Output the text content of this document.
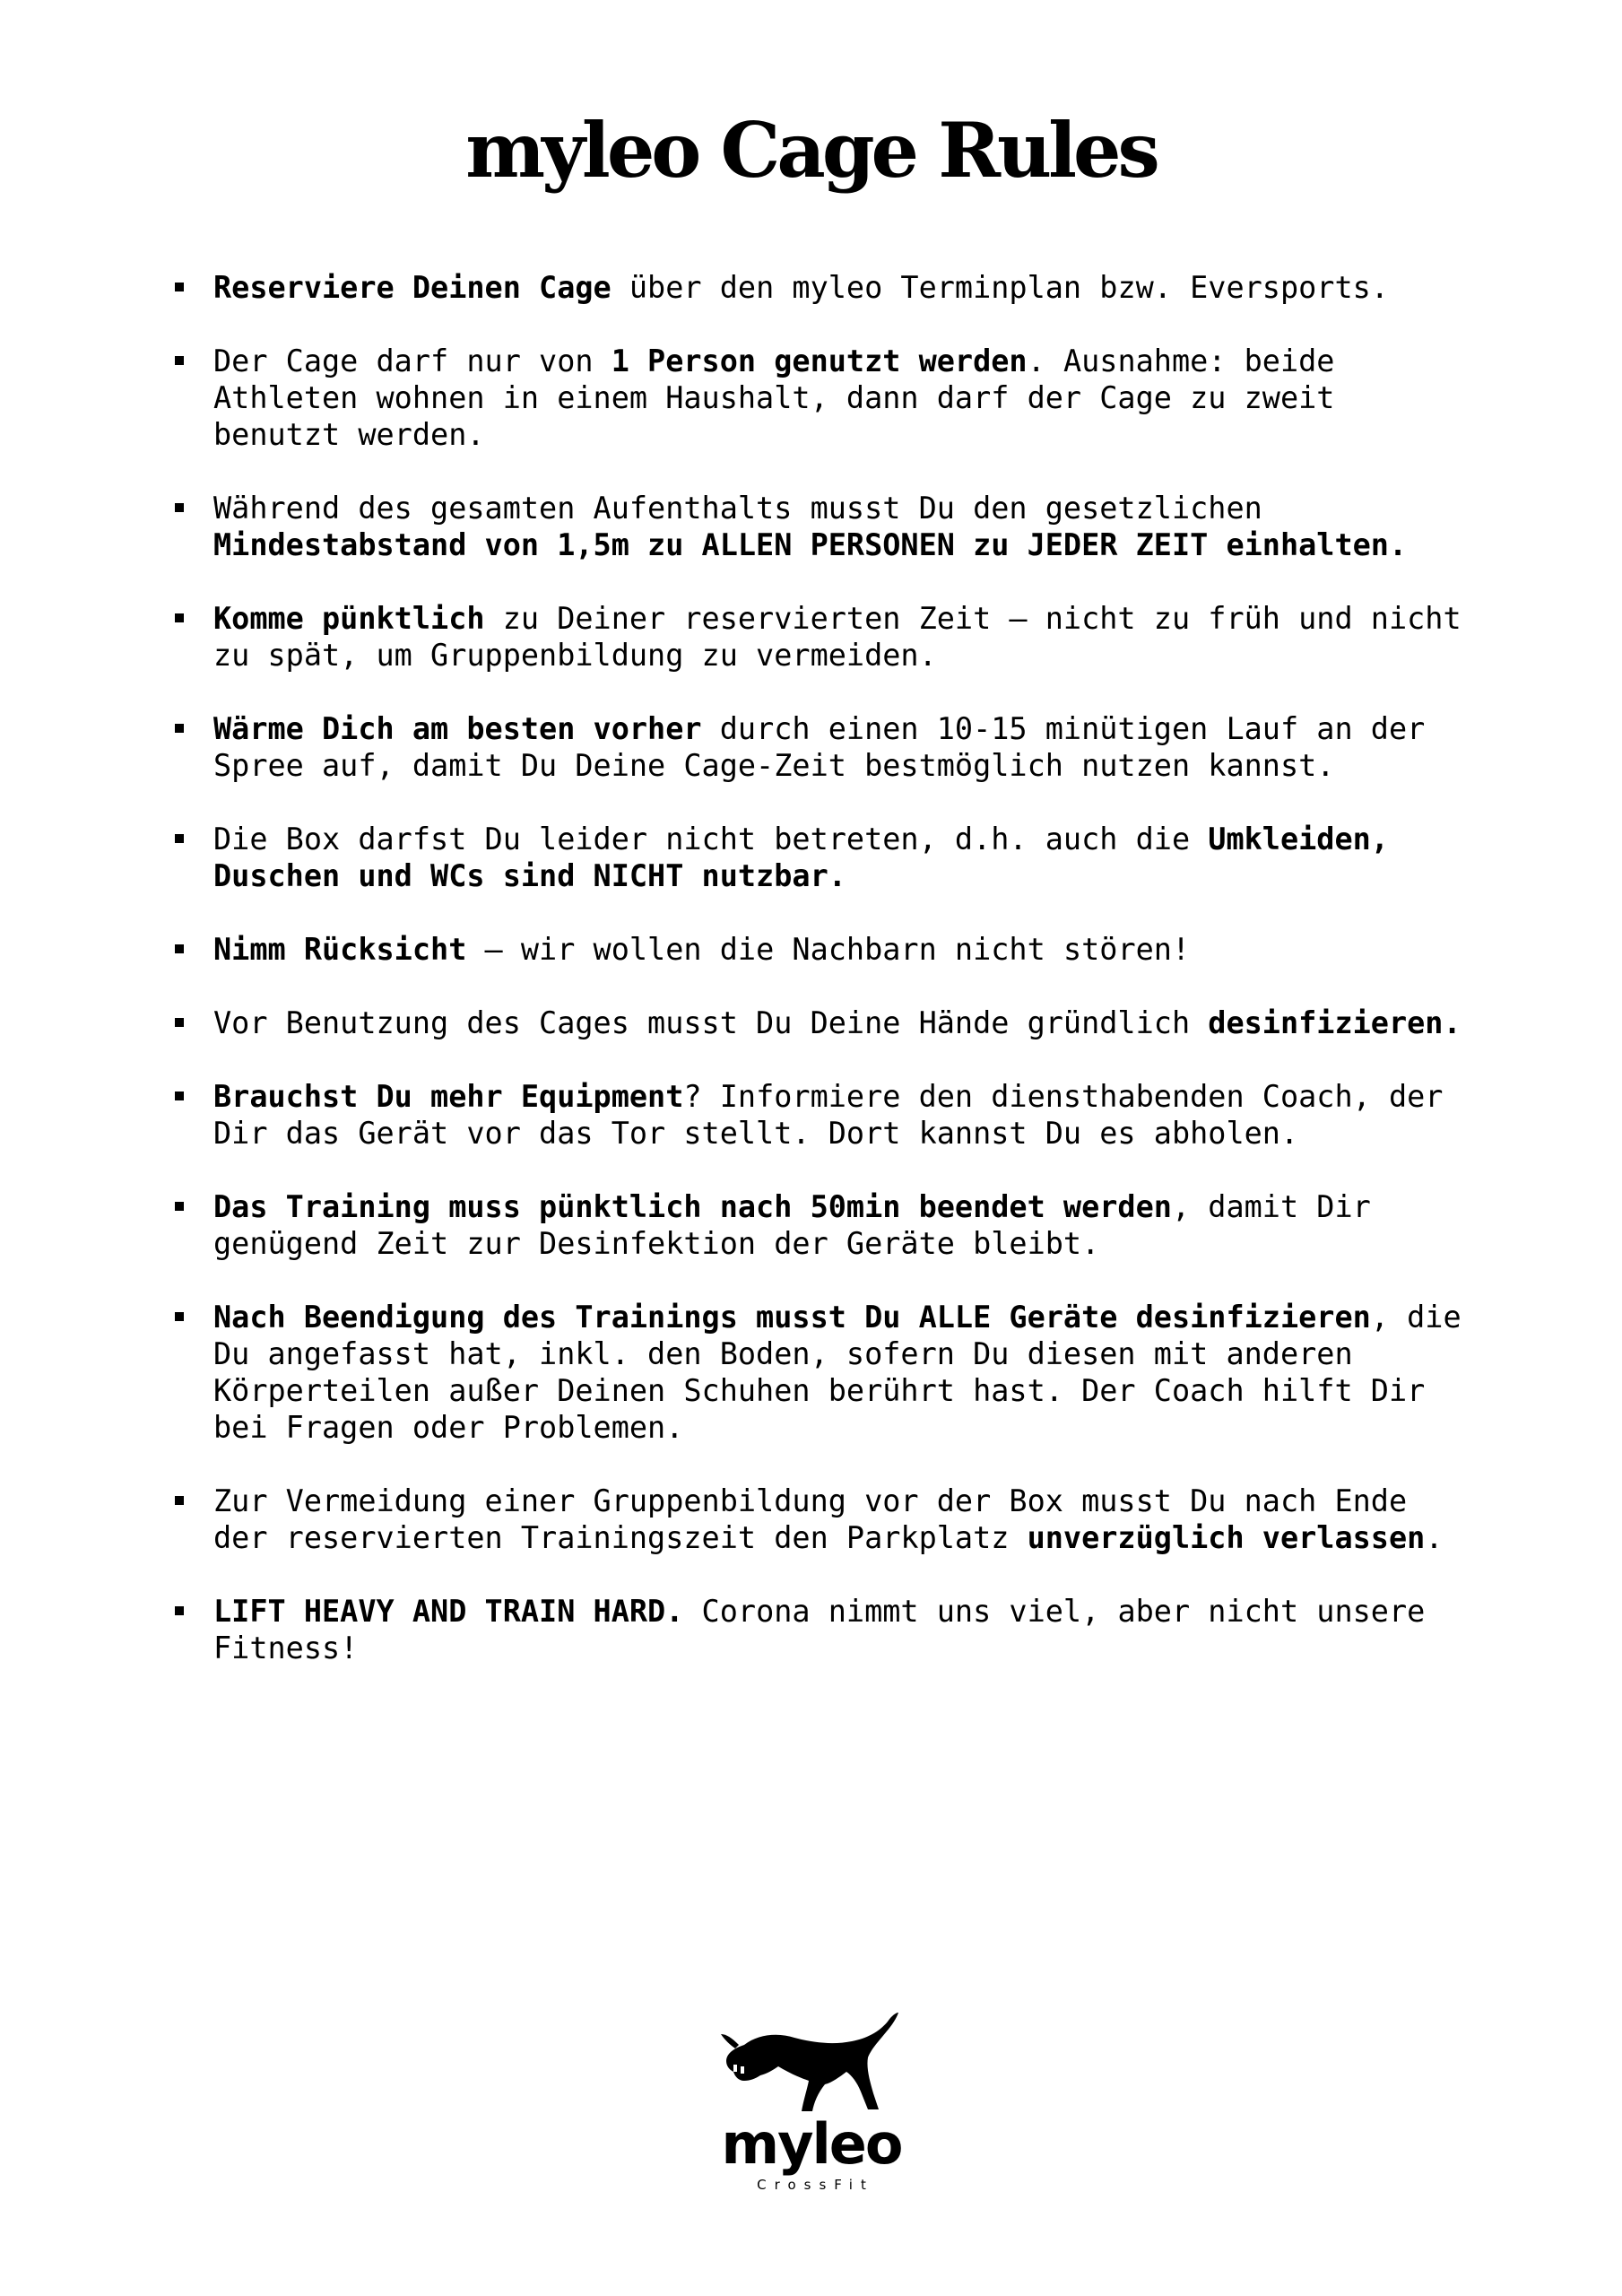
myleo Cage Rules
Reserviere Deinen Cage über den myleo Terminplan bzw. Eversports.
Der Cage darf nur von 1 Person genutzt werden. Ausnahme: beide Athleten wohnen in einem Haushalt, dann darf der Cage zu zweit benutzt werden.
Während des gesamten Aufenthalts musst Du den gesetzlichen Mindestabstand von 1,5m zu ALLEN PERSONEN zu JEDER ZEIT einhalten.
Komme pünktlich zu Deiner reservierten Zeit – nicht zu früh und nicht zu spät, um Gruppenbildung zu vermeiden.
Wärme Dich am besten vorher durch einen 10-15 minütigen Lauf an der Spree auf, damit Du Deine Cage-Zeit bestmöglich nutzen kannst.
Die Box darfst Du leider nicht betreten, d.h. auch die Umkleiden, Duschen und WCs sind NICHT nutzbar.
Nimm Rücksicht – wir wollen die Nachbarn nicht stören!
Vor Benutzung des Cages musst Du Deine Hände gründlich desinfizieren.
Brauchst Du mehr Equipment? Informiere den diensthabenden Coach, der Dir das Gerät vor das Tor stellt. Dort kannst Du es abholen.
Das Training muss pünktlich nach 50min beendet werden, damit Dir genügend Zeit zur Desinfektion der Geräte bleibt.
Nach Beendigung des Trainings musst Du ALLE Geräte desinfizieren, die Du angefasst hat, inkl. den Boden, sofern Du diesen mit anderen Körperteilen außer Deinen Schuhen berührt hast. Der Coach hilft Dir bei Fragen oder Problemen.
Zur Vermeidung einer Gruppenbildung vor der Box musst Du nach Ende der reservierten Trainingszeit den Parkplatz unverzüglich verlassen.
LIFT HEAVY AND TRAIN HARD. Corona nimmt uns viel, aber nicht unsere Fitness!
myleo
CrossFit
